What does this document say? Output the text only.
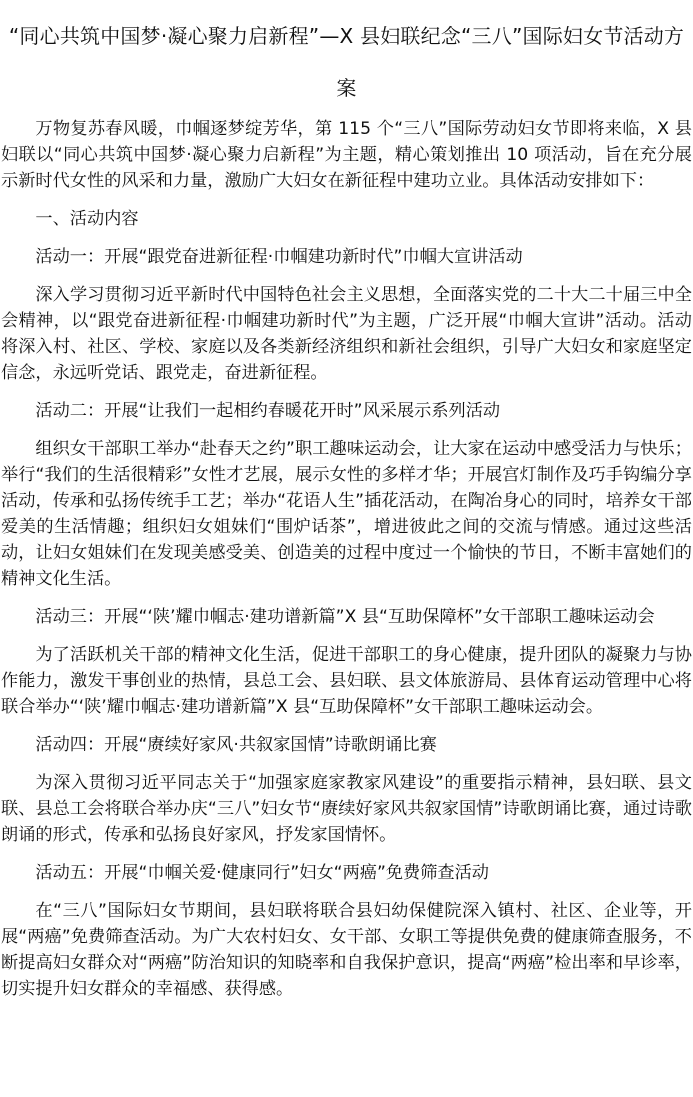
“同心共筑中国梦·凝心聚力启新程”—X 县妇联纪念“三八”国际妇女节活动方案

万物复苏春风暖，巾帼逐梦绽芳华，第 115 个“三八”国际劳动妇女节即将来临，X 县妇联以“同心共筑中国梦·凝心聚力启新程”为主题，精心策划推出 10 项活动，旨在充分展示新时代女性的风采和力量，激励广大妇女在新征程中建功立业。具体活动安排如下：

一、活动内容

活动一：开展“跟党奋进新征程·巾帼建功新时代”巾帼大宣讲活动

深入学习贯彻习近平新时代中国特色社会主义思想，全面落实党的二十大二十届三中全会精神，以“跟党奋进新征程·巾帼建功新时代”为主题，广泛开展“巾帼大宣讲”活动。活动将深入村、社区、学校、家庭以及各类新经济组织和新社会组织，引导广大妇女和家庭坚定信念，永远听党话、跟党走，奋进新征程。

活动二：开展“让我们一起相约春暖花开时”风采展示系列活动

组织女干部职工举办“赴春天之约”职工趣味运动会，让大家在运动中感受活力与快乐；举行“我们的生活很精彩”女性才艺展，展示女性的多样才华；开展宫灯制作及巧手钩编分享活动，传承和弘扬传统手工艺；举办“花语人生”插花活动，在陶冶身心的同时，培养女干部爱美的生活情趣；组织妇女姐妹们“围炉话茶”，增进彼此之间的交流与情感。通过这些活动，让妇女姐妹们在发现美感受美、创造美的过程中度过一个愉快的节日，不断丰富她们的精神文化生活。

活动三：开展“‘陕’耀巾帼志·建功谱新篇”X 县“互助保障杯”女干部职工趣味运动会

为了活跃机关干部的精神文化生活，促进干部职工的身心健康，提升团队的凝聚力与协作能力，激发干事创业的热情，县总工会、县妇联、县文体旅游局、县体育运动管理中心将联合举办“‘陕’耀巾帼志·建功谱新篇”X 县“互助保障杯”女干部职工趣味运动会。

活动四：开展“赓续好家风·共叙家国情”诗歌朗诵比赛

为深入贯彻习近平同志关于“加强家庭家教家风建设”的重要指示精神，县妇联、县文联、县总工会将联合举办庆“三八”妇女节“赓续好家风共叙家国情”诗歌朗诵比赛，通过诗歌朗诵的形式，传承和弘扬良好家风，抒发家国情怀。

活动五：开展“巾帼关爱·健康同行”妇女“两癌”免费筛查活动

在“三八”国际妇女节期间，县妇联将联合县妇幼保健院深入镇村、社区、企业等，开展“两癌”免费筛查活动。为广大农村妇女、女干部、女职工等提供免费的健康筛查服务，不断提高妇女群众对“两癌”防治知识的知晓率和自我保护意识，提高“两癌”检出率和早诊率，切实提升妇女群众的幸福感、获得感。
